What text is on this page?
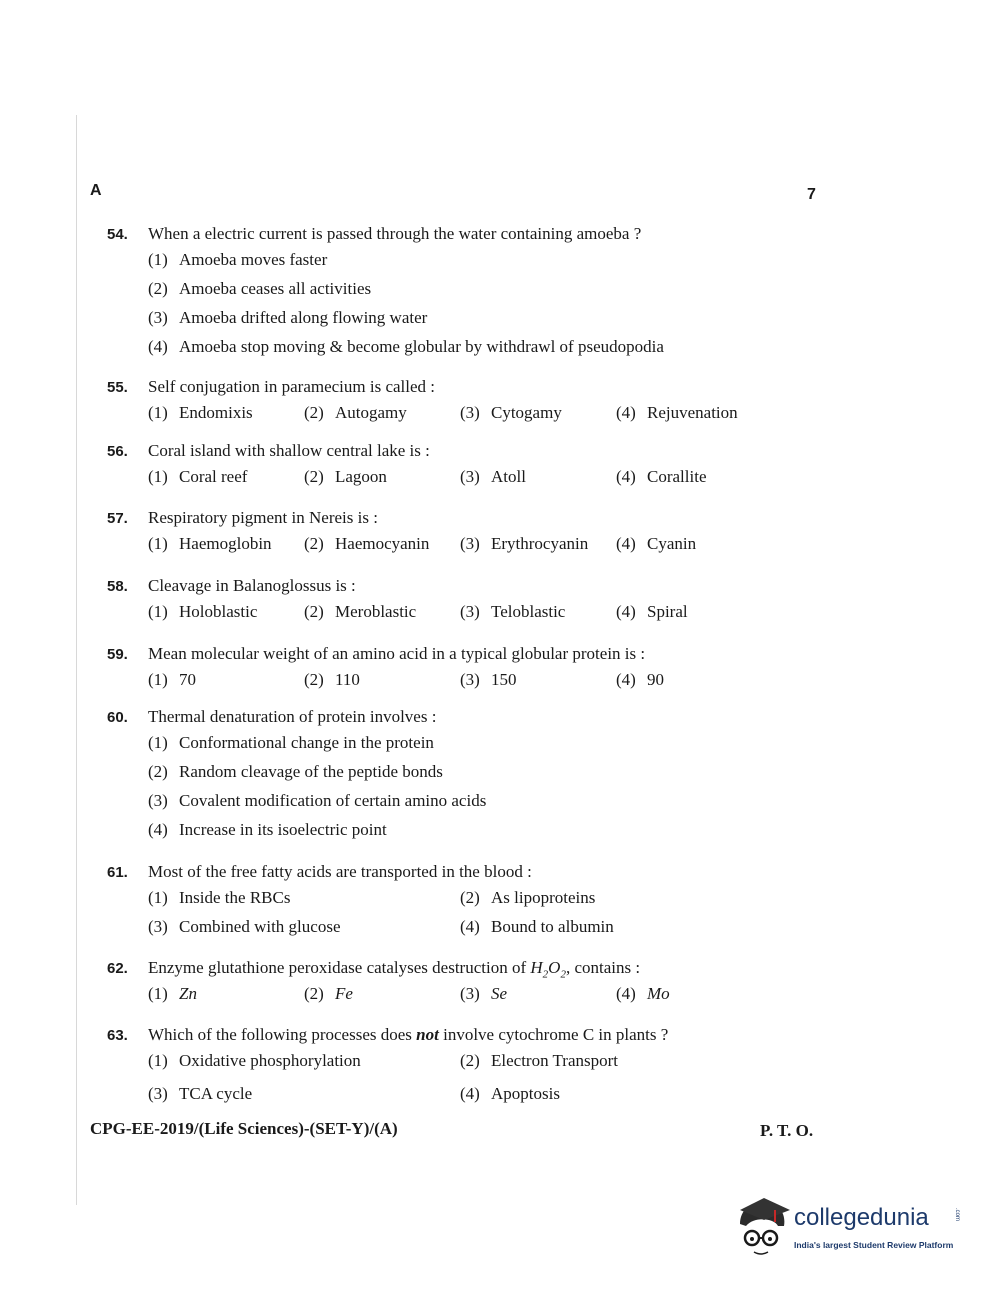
A	7
54.	When a electric current is passed through the water containing amoeba ?
(1) Amoeba moves faster
(2) Amoeba ceases all activities
(3) Amoeba drifted along flowing water
(4) Amoeba stop moving & become globular by withdrawl of pseudopodia
55.	Self conjugation in paramecium is called :
(1) Endomixis	(2) Autogamy	(3) Cytogamy	(4) Rejuvenation
56.	Coral island with shallow central lake is :
(1) Coral reef	(2) Lagoon	(3) Atoll	(4) Corallite
57.	Respiratory pigment in Nereis is :
(1) Haemoglobin (2) Haemocyanin (3) Erythrocyanin (4) Cyanin
58.	Cleavage in Balanoglossus is :
(1) Holoblastic	(2) Meroblastic	(3) Teloblastic	(4) Spiral
59.	Mean molecular weight of an amino acid in a typical globular protein is :
(1) 70	(2) 110	(3) 150	(4) 90
60.	Thermal denaturation of protein involves :
(1) Conformational change in the protein
(2) Random cleavage of the peptide bonds
(3) Covalent modification of certain amino acids
(4) Increase in its isoelectric point
61.	Most of the free fatty acids are transported in the blood :
(1) Inside the RBCs	(2) As lipoproteins
(3) Combined with glucose	(4) Bound to albumin
62.	Enzyme glutathione peroxidase catalyses destruction of $H_2O_2$, contains :
(1) Zn	(2) Fe	(3) Se	(4) Mo
63.	Which of the following processes does not involve cytochrome C in plants ?
(1) Oxidative phosphorylation	(2) Electron Transport
(3) TCA cycle	(4) Apoptosis
CPG-EE-2019/(Life Sciences)-(SET-Y)/(A)	P. T. O.
collegedunia	.com
India's largest Student Review Platform
